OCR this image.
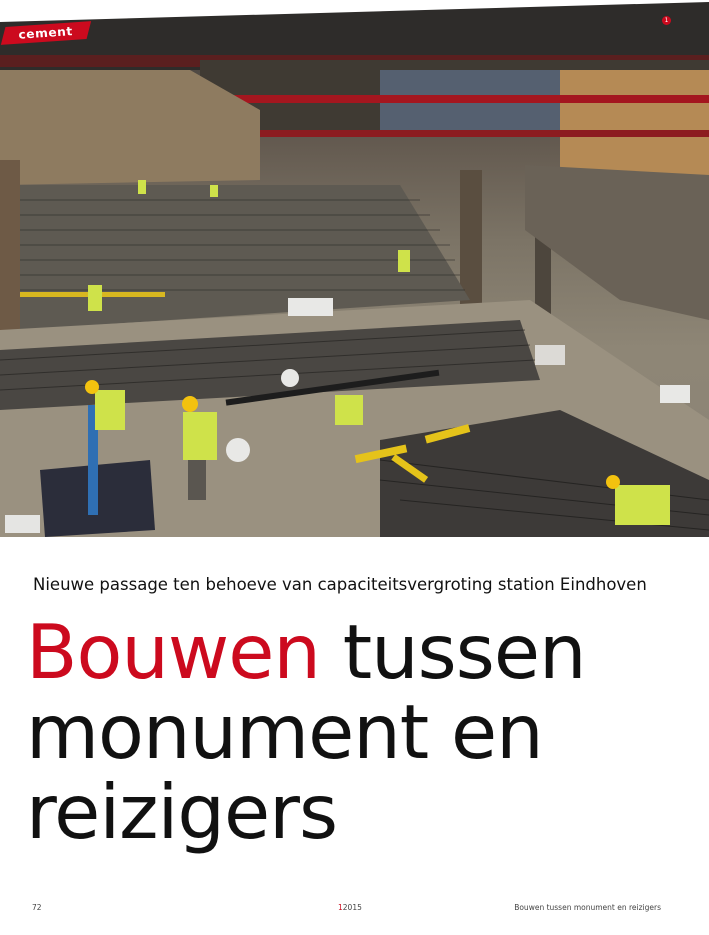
cement
1
Nieuwe passage ten behoeve van capaciteitsvergroting station Eindhoven
Bouwen tussen
monument en
reizigers
72	12015	Bouwen tussen monument en reizigers
